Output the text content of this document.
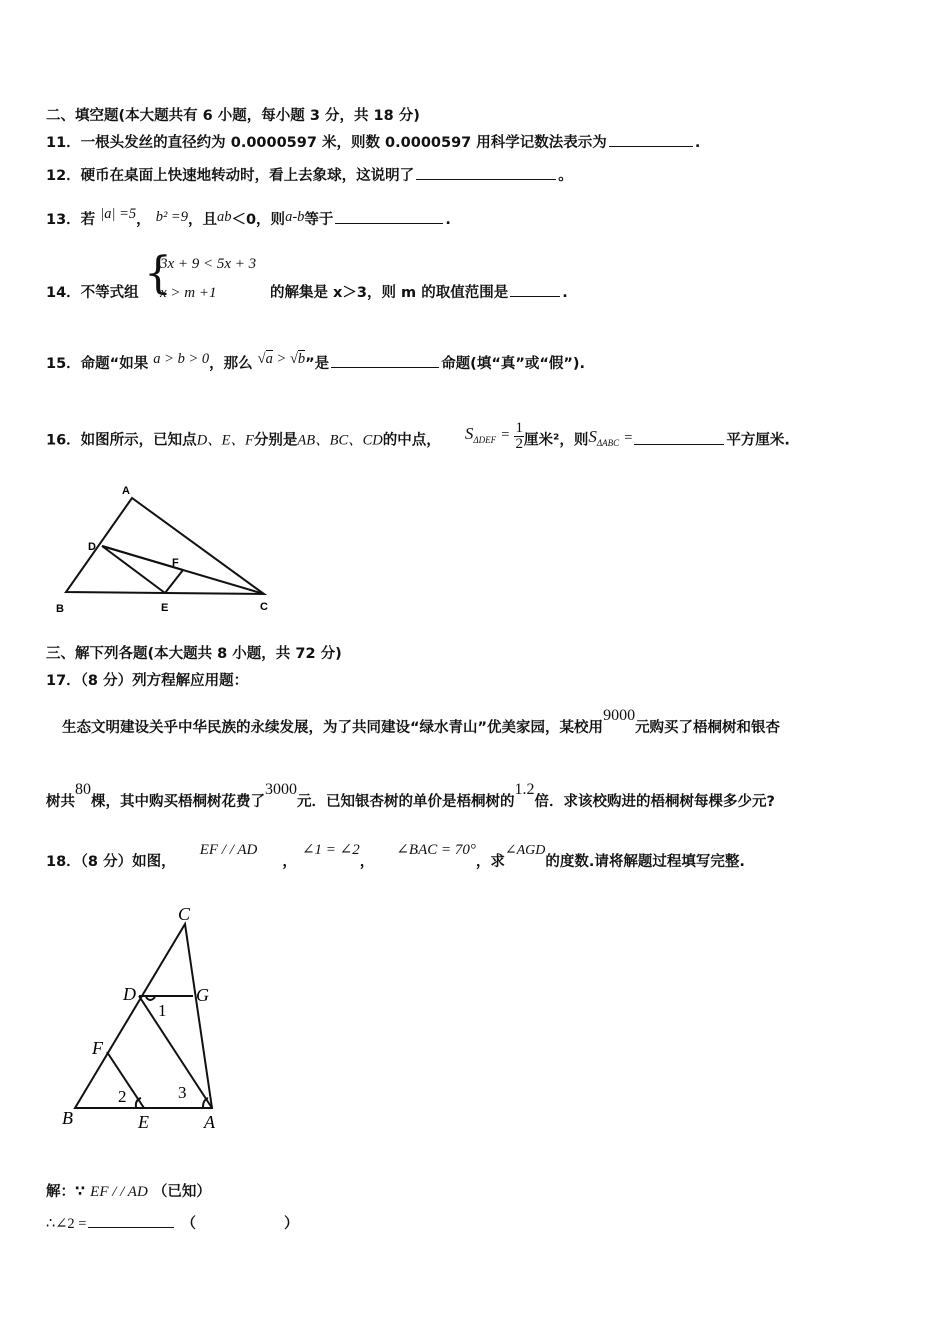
二、填空题(本大题共有 6 小题，每小题 3 分，共 18 分)
11．一根头发丝的直径约为 0.0000597 米，则数 0.0000597 用科学记数法表示为	.
12．硬币在桌面上快速地转动时，看上去象球，这说明了	。
13．若 |a| =5， b² =9，且ab＜0，则a-b等于	.
14．不等式组 {
3x + 9 < 5x + 3
x > m +1	的解集是 x＞3，则 m 的取值范围是	.
15．命题“如果 a > b > 0，那么 √a > √b”是	命题(填“真”或“假”).
16．如图所示，已知点D、E、F分别是AB、BC、CD的中点， $S\Delta DEF = \frac{1}{2}$ 厘米²，则SΔABC =	平方厘米.
A
B	C
D
E
F
三、解下列各题(本大题共 8 小题，共 72 分)
17．（8 分）列方程解应用题：
生态文明建设关乎中华民族的永续发展，为了共同建设“绿水青山”优美家园，某校用9000元购买了梧桐树和银杏
树共80棵，其中购买梧桐树花费了3000元．已知银杏树的单价是梧桐树的1.2倍．求该校购进的梧桐树每棵多少元?
18．（8 分）如图，  EF / / AD ， ∠1 = ∠2，  ∠BAC = 70°，求∠AGD的度数.请将解题过程填写完整.
C
D	G
F
B	E	A
1
2	3
解：∵ EF / / AD （已知）
∴∠2 =	（	）
